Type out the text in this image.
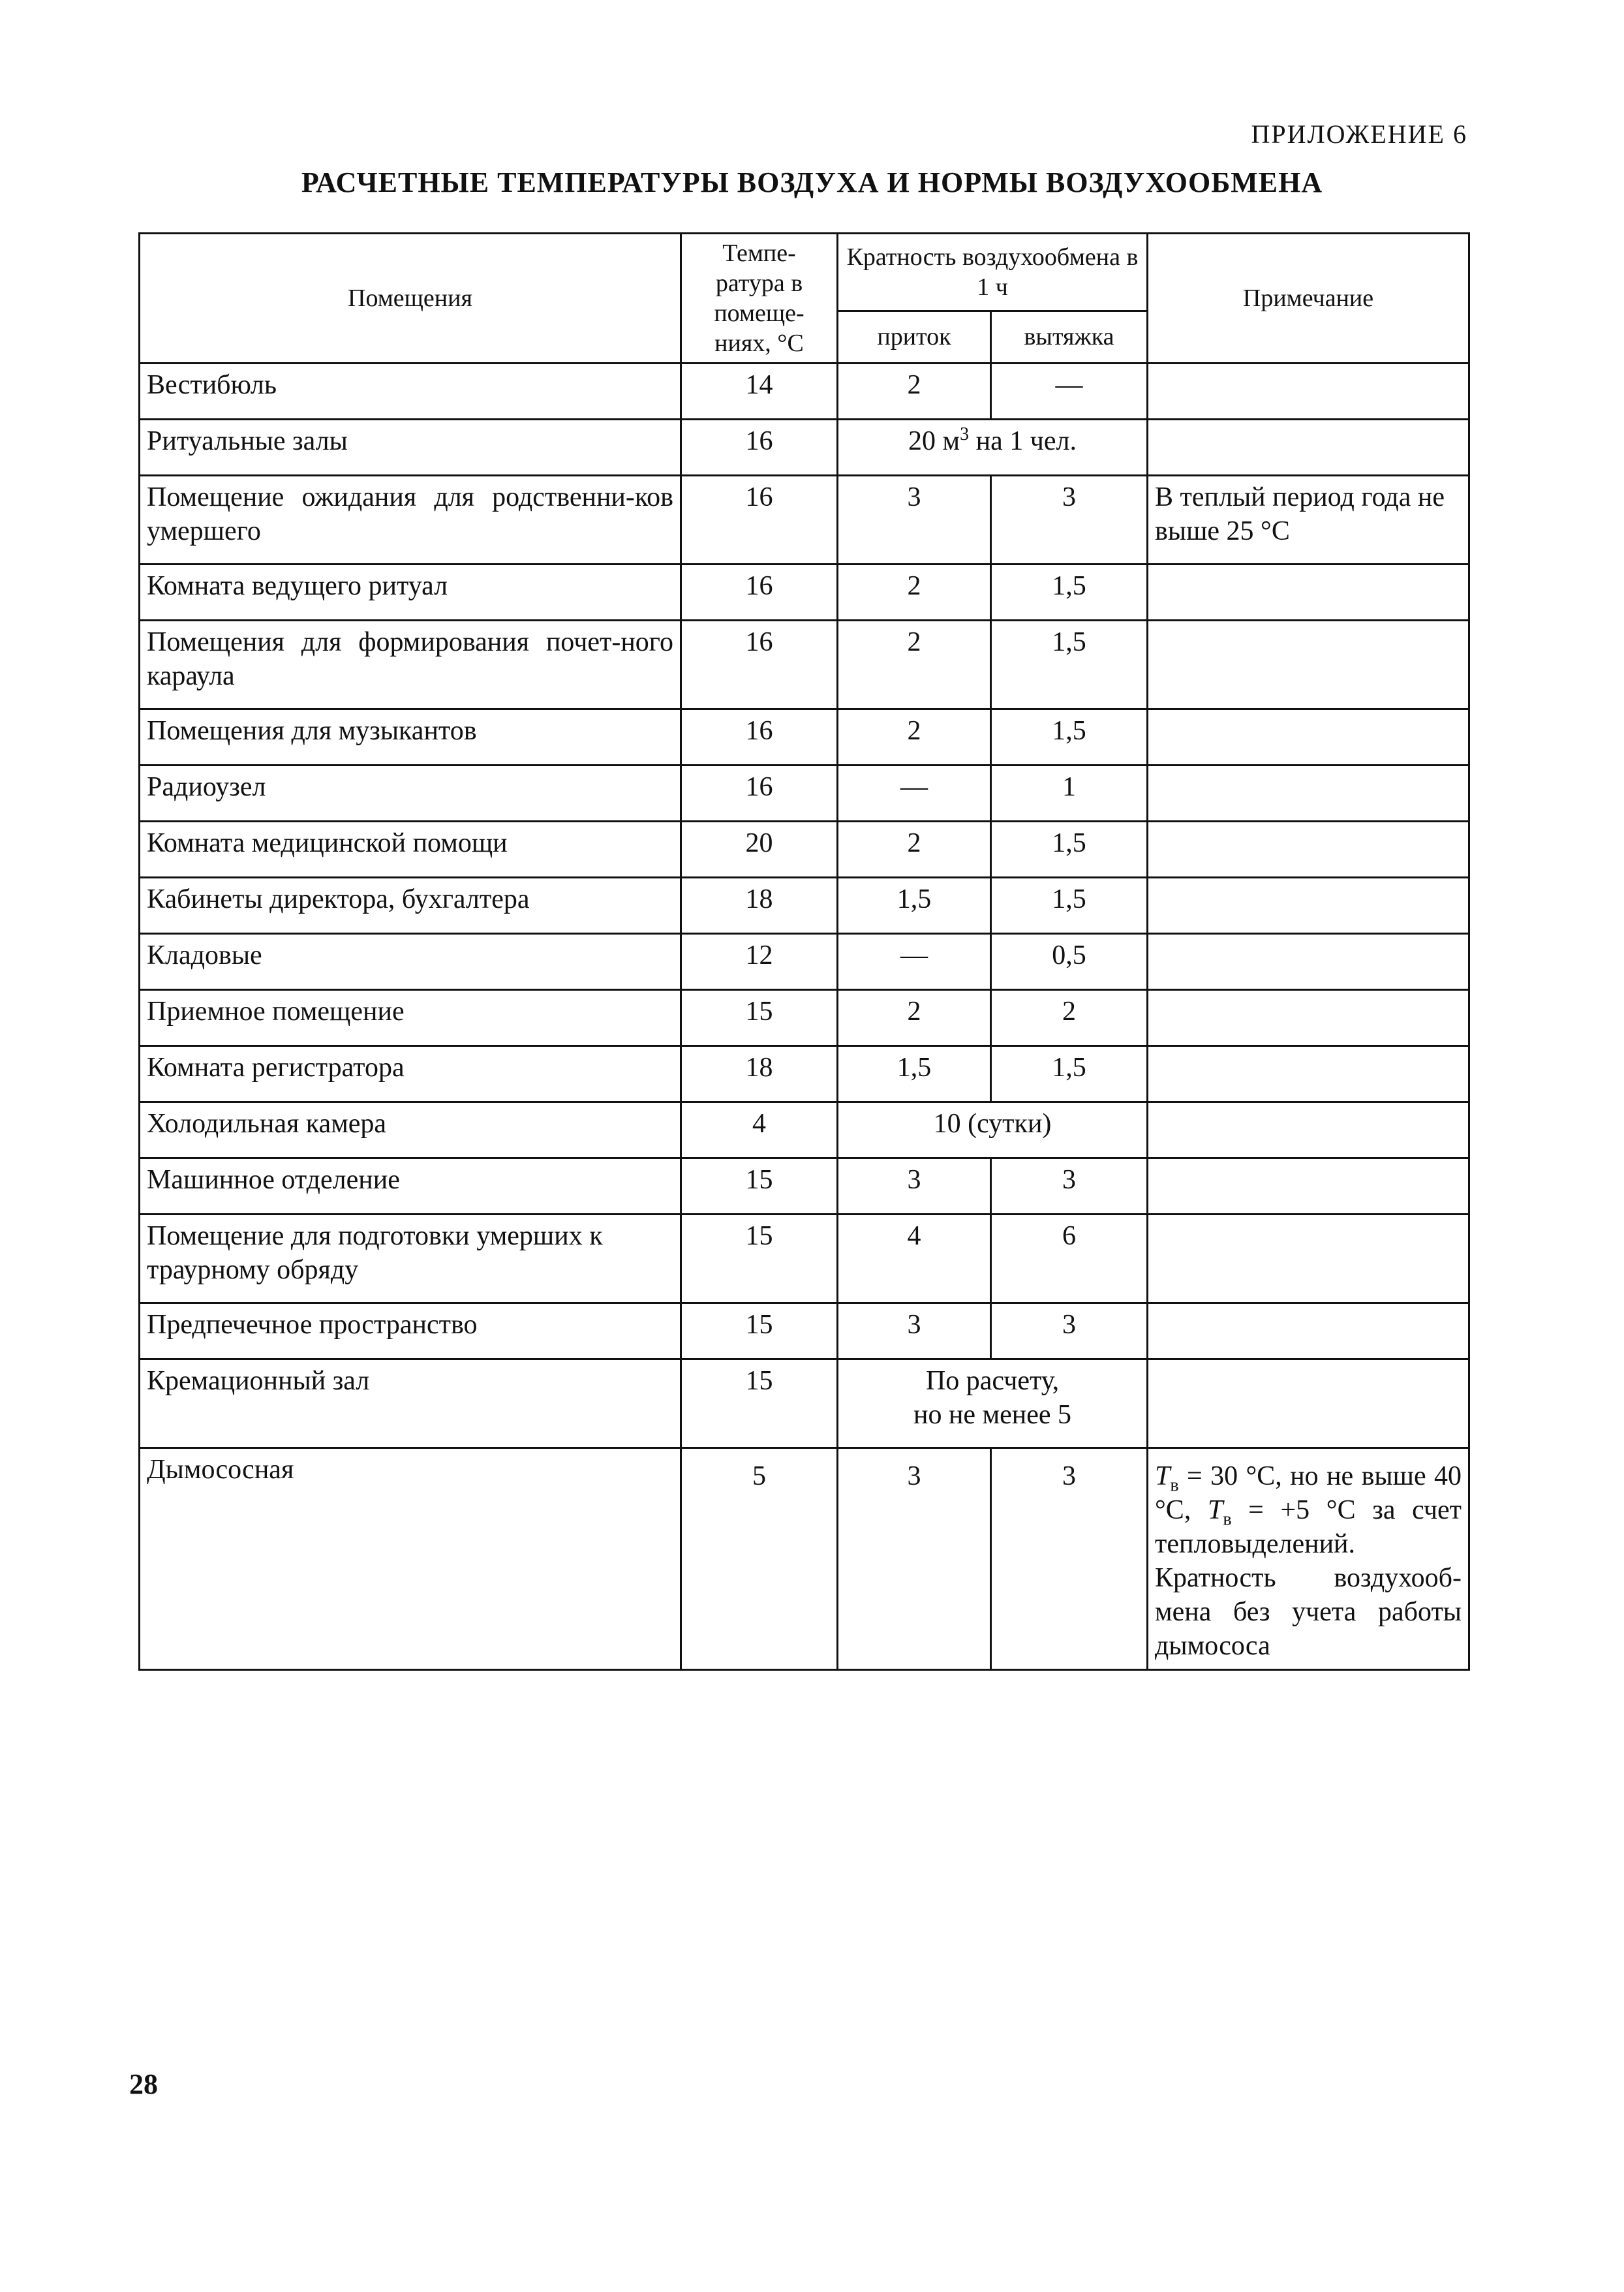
ПРИЛОЖЕНИЕ 6
РАСЧЕТНЫЕ ТЕМПЕРАТУРЫ ВОЗДУХА И НОРМЫ ВОЗДУХООБМЕНА
Помещения	Темпе-ратура в помеще-ниях, °С	Кратность воздухообмена в 1 ч		Примечание
		приток	вытяжка	
Вестибюль	14	2	—	
Ритуальные залы	16	20 $м^3$ на 1 чел.		
Помещение ожидания для родственни-ков умершего	16	3	3	В теплый период года не выше 25 °С
Комната ведущего ритуал	16	2	1,5	
Помещения для формирования почет-ного караула	16	2	1,5	
Помещения для музыкантов	16	2	1,5	
Радиоузел	16	—	1	
Комната медицинской помощи	20	2	1,5	
Кабинеты директора, бухгалтера	18	1,5	1,5	
Кладовые	12	—	0,5	
Приемное помещение	15	2	2	
Комната регистратора	18	1,5	1,5	
Холодильная камера	4	10 (сутки)		
Машинное отделение	15	3	3	
Помещение для подготовки умерших к траурному обряду	15	4	6	
Предпечечное пространство	15	3	3	
Кремационный зал	15	По расчету,
но не менее 5		

Дымососная	5	3	3	$T_в = 30$ °С, но не выше 40 °С, $T_в = +5$ °С за счет тепловыделений. Кратность воздухооб-мена без учета работы дымососа
28
